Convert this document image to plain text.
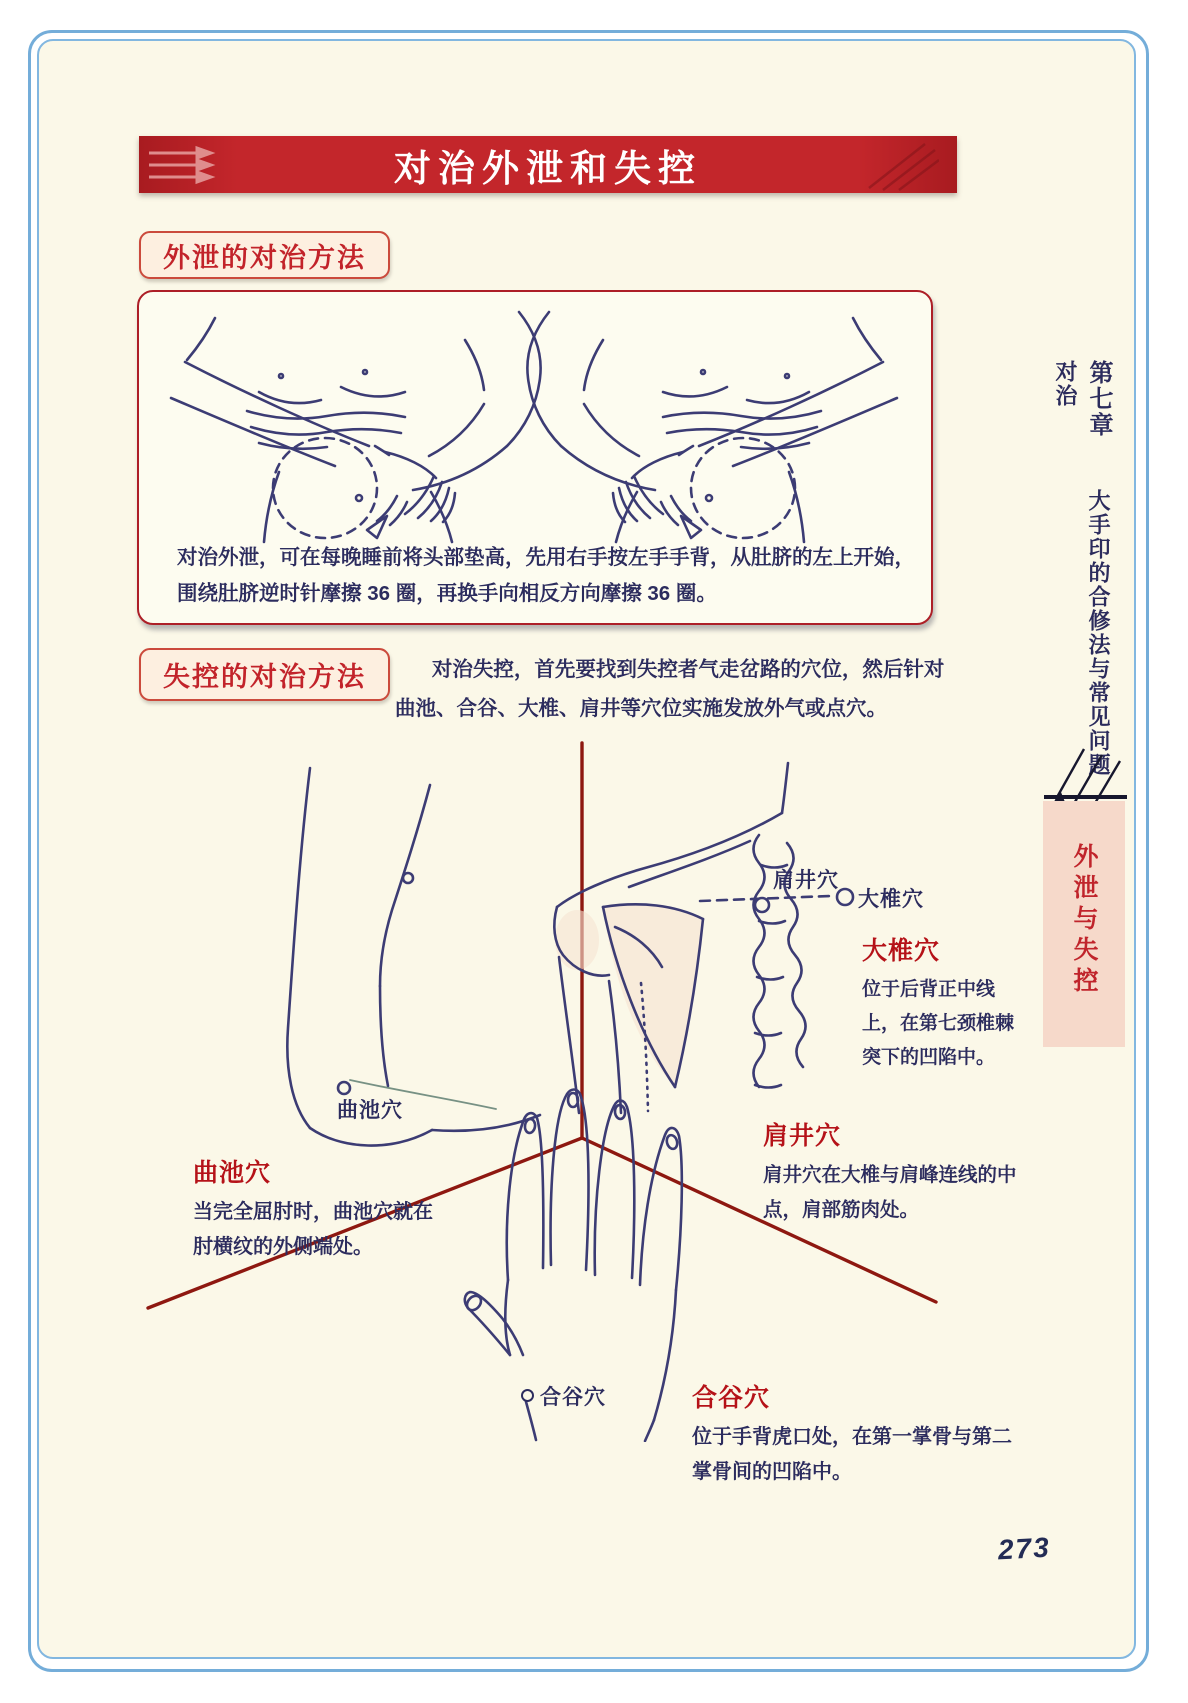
对治外泄和失控
外泄的对治方法

对治外泄，可在每晚睡前将头部垫高，先用右手按左手手背，从肚脐的左上开始，围绕肚脐逆时针摩擦 36 圈，再换手向相反方向摩擦 36 圈。

失控的对治方法	对治失控，首先要找到失控者气走岔路的穴位，然后针对曲池、合谷、大椎、肩井等穴位实施发放外气或点穴。

曲池穴
曲池穴
当完全屈肘时，曲池穴就在肘横纹的外侧端处。
肩井穴
大椎穴
大椎穴
位于后背正中线上，在第七颈椎棘突下的凹陷中。
肩井穴
肩井穴在大椎与肩峰连线的中点，肩部筋肉处。
合谷穴	合谷穴
位于手背虎口处，在第一掌骨与第二掌骨间的凹陷中。
第七章 大手印的合修法与常见问题对治
外泄与失控
273
